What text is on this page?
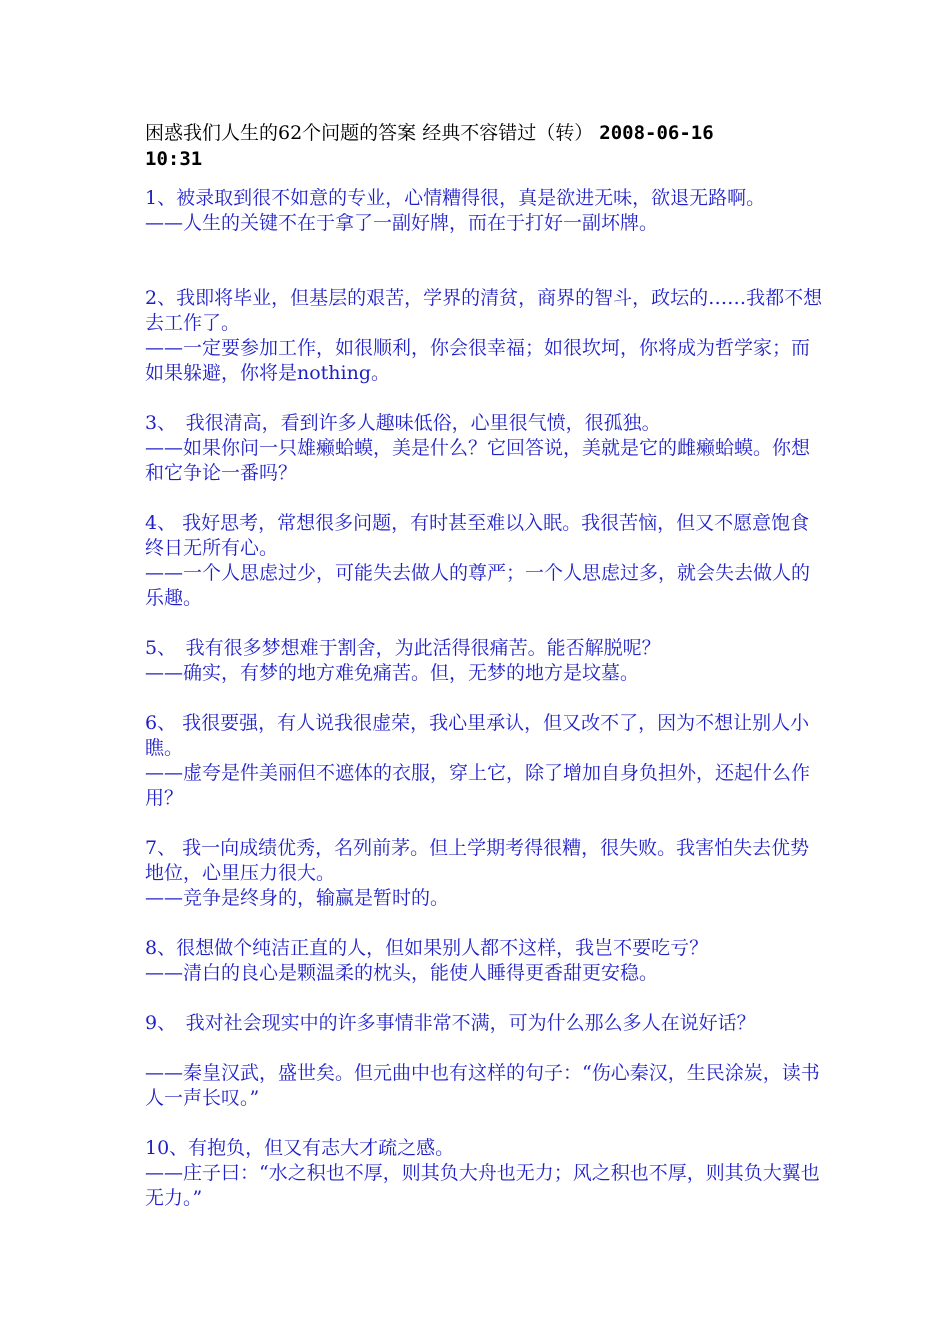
困惑我们人生的62个问题的答案 经典不容错过（转） 2008-06-16
10:31

1、被录取到很不如意的专业，心情糟得很，真是欲进无味，欲退无路啊。

——人生的关键不在于拿了一副好牌，而在于打好一副坏牌。

2、我即将毕业，但基层的艰苦，学界的清贫，商界的智斗，政坛的……我都不想去工作了。

——一定要参加工作，如很顺利，你会很幸福；如很坎坷，你将成为哲学家；而如果躲避，你将是nothing。

3、　我很清高，看到许多人趣味低俗，心里很气愤，很孤独。

——如果你问一只雄癞蛤蟆，美是什么？它回答说，美就是它的雌癞蛤蟆。你想和它争论一番吗？

4、 我好思考，常想很多问题，有时甚至难以入眠。我很苦恼，但又不愿意饱食终日无所有心。

——一个人思虑过少，可能失去做人的尊严；一个人思虑过多，就会失去做人的乐趣。

5、　我有很多梦想难于割舍，为此活得很痛苦。能否解脱呢？

——确实，有梦的地方难免痛苦。但，无梦的地方是坟墓。

6、 我很要强，有人说我很虚荣，我心里承认，但又改不了，因为不想让别人小瞧。

——虚夸是件美丽但不遮体的衣服，穿上它，除了增加自身负担外，还起什么作用？

7、 我一向成绩优秀，名列前茅。但上学期考得很糟，很失败。我害怕失去优势地位，心里压力很大。

——竞争是终身的，输赢是暂时的。

8、很想做个纯洁正直的人，但如果别人都不这样，我岂不要吃亏？

——清白的良心是颗温柔的枕头，能使人睡得更香甜更安稳。

9、　我对社会现实中的许多事情非常不满，可为什么那么多人在说好话？

——秦皇汉武，盛世矣。但元曲中也有这样的句子：“伤心秦汉，生民涂炭，读书人一声长叹。”

10、有抱负，但又有志大才疏之感。

——庄子曰：“水之积也不厚，则其负大舟也无力；风之积也不厚，则其负大翼也无力。”
